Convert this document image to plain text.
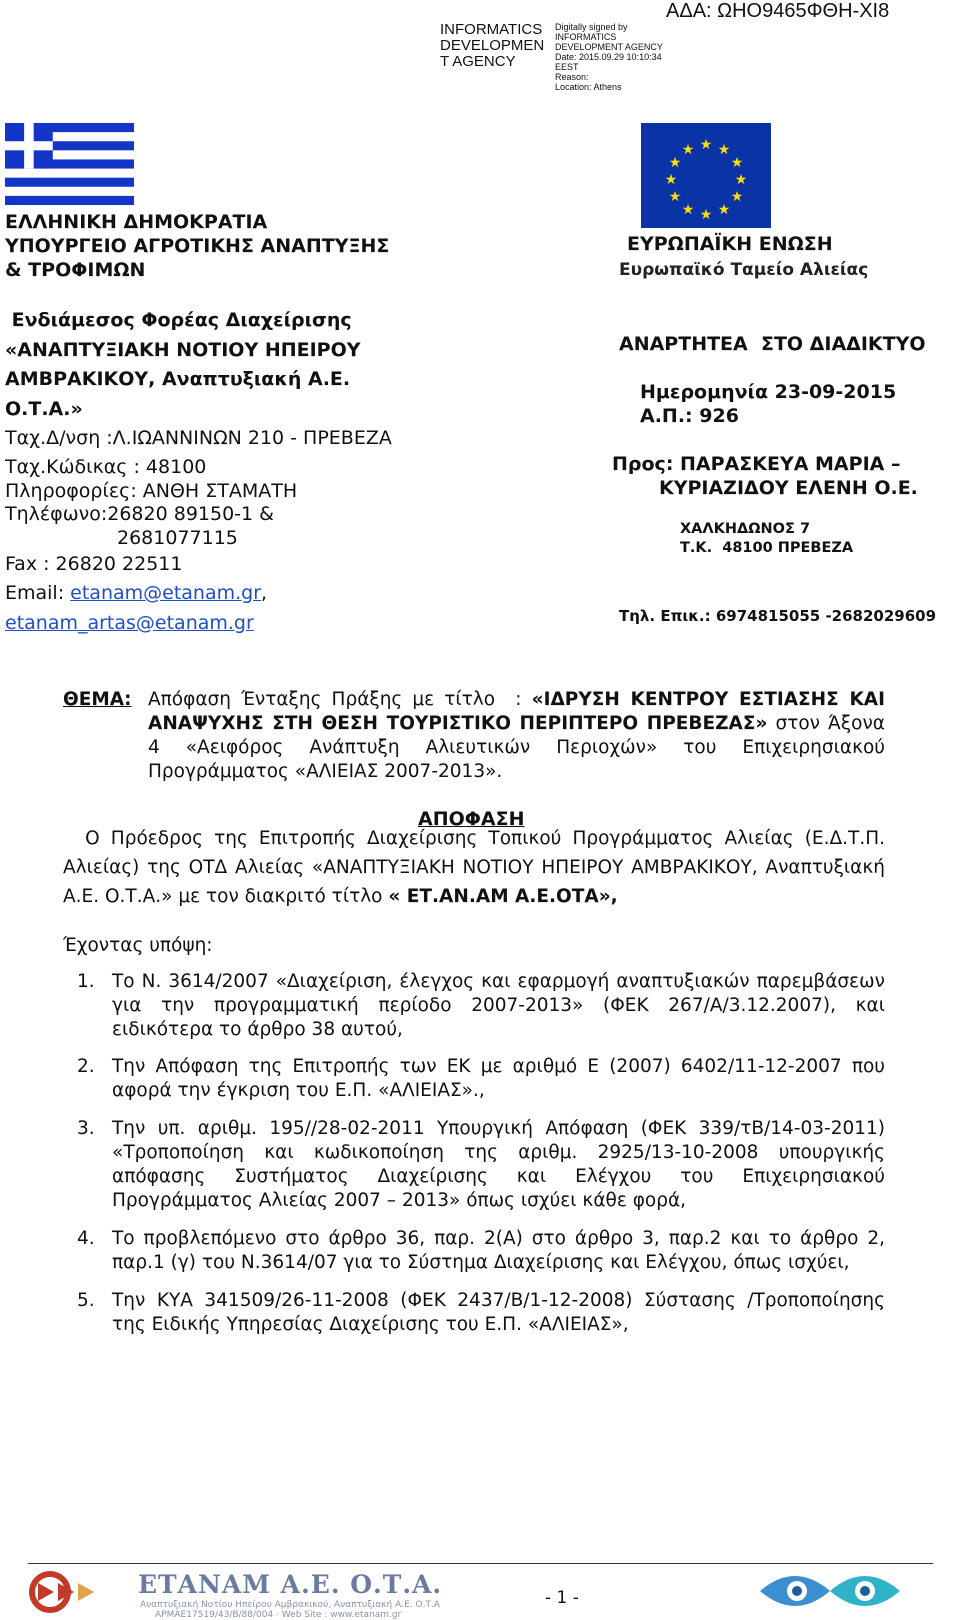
INFORMATICS
DEVELOPMEN
T AGENCY
Digitally signed by
INFORMATICS
DEVELOPMENT AGENCY
Date: 2015.09.29 10:10:34
EEST
Reason:
Location: Athens
ΑΔΑ: ΩΗΟ9465ΦΘΗ-ΧΙ8
★ ★
★
★
★
★
★
★
★
★
★
★
ΕΛΛΗΝΙΚΗ ΔΗΜΟΚΡΑΤΙΑ
ΥΠΟΥΡΓΕΙΟ ΑΓΡΟΤΙΚΗΣ ΑΝΑΠΤΥΞΗΣ
& ΤΡΟΦΙΜΩΝ
ΕΥΡΩΠΑΪΚΗ ΕΝΩΣΗ
Ευρωπαϊκό Ταμείο Αλιείας
Ενδιάμεσος Φορέας Διαχείρισης
«ΑΝΑΠΤΥΞΙΑΚΗ ΝΟΤΙΟΥ ΗΠΕΙΡΟΥ
ΑΜΒΡΑΚΙΚΟΥ, Αναπτυξιακή Α.Ε.
Ο.Τ.Α.»
Ταχ.Δ/νση :Λ.ΙΩΑΝΝΙΝΩΝ 210 - ΠΡΕΒΕΖΑ
Ταχ.Κώδικας : 48100
Πληροφορίες: ΑΝΘΗ ΣΤΑΜΑΤΗ
Τηλέφωνο:26820 89150-1 &
2681077115
Fax : 26820 22511
Email: etanam@etanam.gr,
etanam_artas@etanam.gr
ΑΝΑΡΤΗΤΕΑ  ΣΤΟ ΔΙΑΔΙΚΤΥΟ
Ημερομηνία 23-09-2015
Α.Π.: 926
Προς: ΠΑΡΑΣΚΕΥΑ ΜΑΡΙΑ –
ΚΥΡΙΑΖΙΔΟΥ ΕΛΕΝΗ Ο.Ε.
ΧΑΛΚΗΔΩΝΟΣ 7
Τ.Κ.  48100 ΠΡΕΒΕΖΑ
Τηλ. Επικ.: 6974815055 -2682029609
ΘΕΜΑ: Απόφαση Ένταξης Πράξης με τίτλο  : «ΙΔΡΥΣΗ ΚΕΝΤΡΟΥ ΕΣΤΙΑΣΗΣ ΚΑΙ ΑΝΑΨΥΧΗΣ ΣΤΗ ΘΕΣΗ ΤΟΥΡΙΣΤΙΚΟ ΠΕΡΙΠΤΕΡΟ ΠΡΕΒΕΖΑΣ» στον Άξονα 4 «Αειφόρος Ανάπτυξη Αλιευτικών Περιοχών» του Επιχειρησιακού Προγράμματος «ΑΛΙΕΙΑΣ 2007-2013».
ΑΠΟΦΑΣΗ
Ο Πρόεδρος της Επιτροπής Διαχείρισης Τοπικού Προγράμματος Αλιείας (Ε.Δ.Τ.Π. Αλιείας) της ΟΤΔ Αλιείας «ΑΝΑΠΤΥΞΙΑΚΗ ΝΟΤΙΟΥ ΗΠΕΙΡΟΥ ΑΜΒΡΑΚΙΚΟΥ, Αναπτυξιακή Α.Ε. Ο.Τ.Α.» με τον διακριτό τίτλο « ΕΤ.ΑΝ.ΑΜ Α.Ε.ΟΤΑ»,
Έχοντας υπόψη:
1. Το Ν. 3614/2007 «Διαχείριση, έλεγχος και εφαρμογή αναπτυξιακών παρεμβάσεων για την προγραμματική περίοδο 2007-2013» (ΦΕΚ 267/Α/3.12.2007), και ειδικότερα το άρθρο 38 αυτού,
2. Την Απόφαση της Επιτροπής των ΕΚ με αριθμό Ε (2007) 6402/11-12-2007 που αφορά την έγκριση του Ε.Π. «ΑΛΙΕΙΑΣ».,
3. Την υπ. αριθμ. 195//28-02-2011 Υπουργική Απόφαση (ΦΕΚ 339/τΒ/14-03-2011) «Τροποποίηση και κωδικοποίηση της αριθμ. 2925/13-10-2008 υπουργικής απόφασης Συστήματος Διαχείρισης και Ελέγχου του Επιχειρησιακού Προγράμματος Αλιείας 2007 – 2013» όπως ισχύει κάθε φορά,
4. Το προβλεπόμενο στο άρθρο 36, παρ. 2(Α) στο άρθρο 3, παρ.2 και το άρθρο 2, παρ.1 (γ) του Ν.3614/07 για το Σύστημα Διαχείρισης και Ελέγχου, όπως ισχύει,
5. Την ΚΥΑ 341509/26-11-2008 (ΦΕΚ 2437/Β/1-12-2008) Σύστασης /Τροποποίησης της Ειδικής Υπηρεσίας Διαχείρισης του Ε.Π. «ΑΛΙΕΙΑΣ»,
ΕΤΑΝΑΜ Α.Ε. Ο.Τ.Α.
Αναπτυξιακή Νοτίου Ηπείρου Αμβρακικού, Αναπτυξιακή Α.Ε. Ο.Τ.Α
ΑΡΜΑΕ17519/43/Β/88/004 · Web Site : www.etanam.gr
- 1 -
